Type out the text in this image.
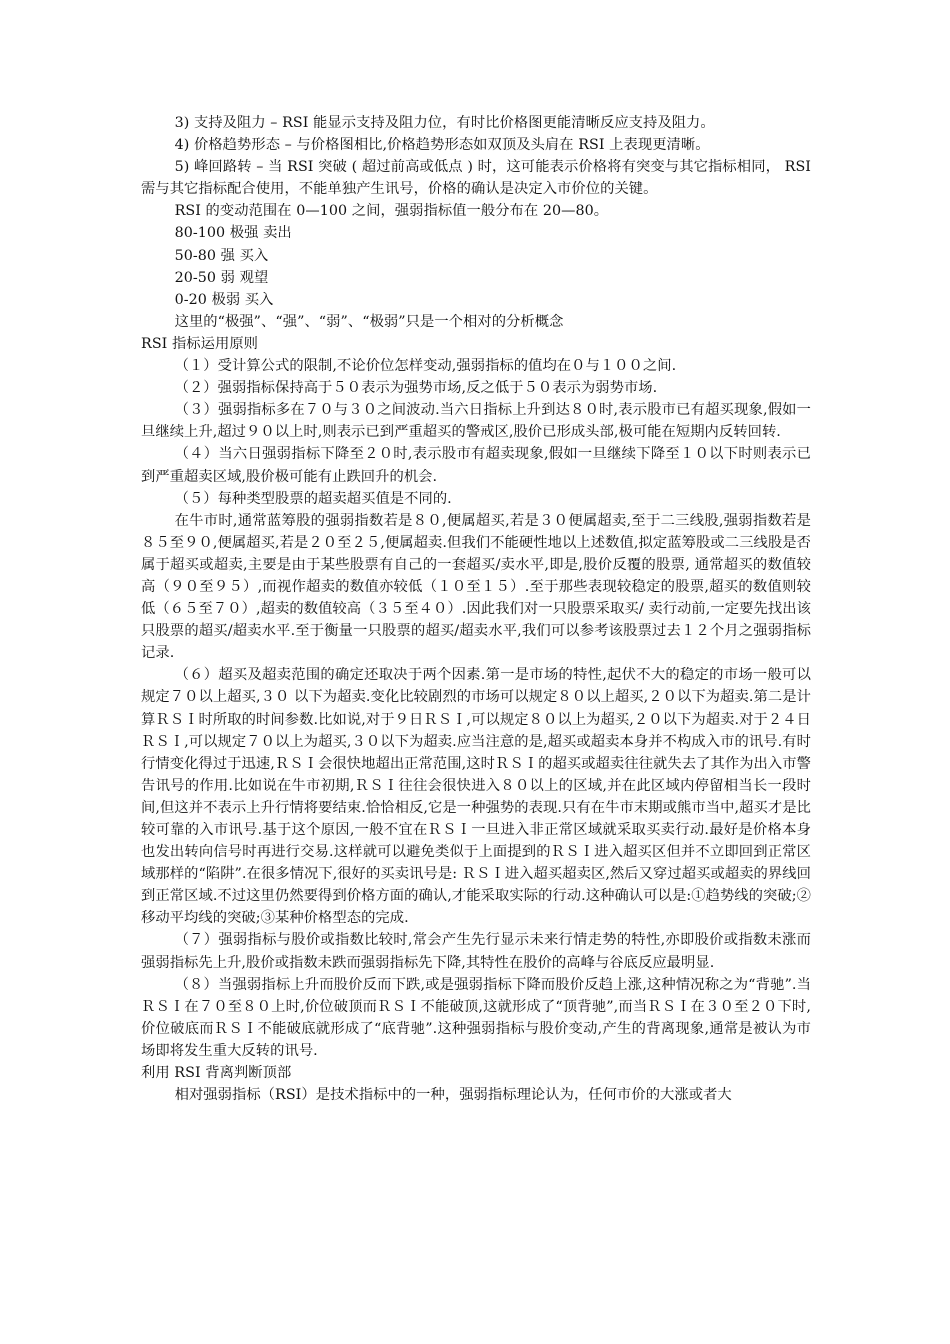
3) 支持及阻力 – RSI 能显示支持及阻力位，有时比价格图更能清晰反应支持及阻力。

4) 价格趋势形态 – 与价格图相比,价格趋势形态如双顶及头肩在 RSI 上表现更清晰。

5) 峰回路转 – 当 RSI 突破 ( 超过前高或低点 ) 时，这可能表示价格将有突变与其它指标相同， RSI 需与其它指标配合使用，不能单独产生讯号，价格的确认是决定入市价位的关键。

RSI 的变动范围在 0—100 之间，强弱指标值一般分布在 20—80。

80-100 极强 卖出

50-80 强 买入

20-50 弱 观望

0-20 极弱 买入

这里的“极强”、“强”、“弱”、“极弱”只是一个相对的分析概念

RSI 指标运用原则

（１）受计算公式的限制,不论价位怎样变动,强弱指标的值均在０与１００之间.

（２）强弱指标保持高于５０表示为强势市场,反之低于５０表示为弱势市场.

（３）强弱指标多在７０与３０之间波动.当六日指标上升到达８０时,表示股市已有超买现象,假如一旦继续上升,超过９０以上时,则表示已到严重超买的警戒区,股价已形成头部,极可能在短期内反转回转.

（４）当六日强弱指标下降至２０时,表示股市有超卖现象,假如一旦继续下降至１０以下时则表示已到严重超卖区域,股价极可能有止跌回升的机会.

（５）每种类型股票的超卖超买值是不同的.

在牛市时,通常蓝筹股的强弱指数若是８０,便属超买,若是３０便属超卖,至于二三线股,强弱指数若是８５至９０,便属超买,若是２０至２５,便属超卖.但我们不能硬性地以上述数值,拟定蓝筹股或二三线股是否属于超买或超卖,主要是由于某些股票有自己的一套超买/卖水平,即是,股价反覆的股票, 通常超买的数值较高（９０至９５）,而视作超卖的数值亦较低（１０至１５）.至于那些表现较稳定的股票,超买的数值则较低（６５至７０）,超卖的数值较高（３５至４０）.因此我们对一只股票采取买/ 卖行动前,一定要先找出该只股票的超买/超卖水平.至于衡量一只股票的超买/超卖水平,我们可以参考该股票过去１２个月之强弱指标记录.

（６）超买及超卖范围的确定还取决于两个因素.第一是市场的特性,起伏不大的稳定的市场一般可以规定７０以上超买,３０ 以下为超卖.变化比较剧烈的市场可以规定８０以上超买,２０以下为超卖.第二是计算ＲＳＩ时所取的时间参数.比如说,对于９日ＲＳＩ,可以规定８０以上为超买,２０以下为超卖.对于２４日ＲＳＩ,可以规定７０以上为超买,３０以下为超卖.应当注意的是,超买或超卖本身并不构成入市的讯号.有时行情变化得过于迅速,ＲＳＩ会很快地超出正常范围,这时ＲＳＩ的超买或超卖往往就失去了其作为出入市警告讯号的作用.比如说在牛市初期,ＲＳＩ往往会很快进入８０以上的区域,并在此区域内停留相当长一段时间,但这并不表示上升行情将要结束.恰恰相反,它是一种强势的表现.只有在牛市末期或熊市当中,超买才是比较可靠的入市讯号.基于这个原因,一般不宜在ＲＳＩ一旦进入非正常区域就采取买卖行动.最好是价格本身也发出转向信号时再进行交易.这样就可以避免类似于上面提到的ＲＳＩ进入超买区但并不立即回到正常区域那样的“陷阱”.在很多情况下,很好的买卖讯号是: ＲＳＩ进入超买超卖区,然后又穿过超买或超卖的界线回到正常区域.不过这里仍然要得到价格方面的确认,才能采取实际的行动.这种确认可以是:①趋势线的突破;②移动平均线的突破;③某种价格型态的完成.

（７）强弱指标与股价或指数比较时,常会产生先行显示未来行情走势的特性,亦即股价或指数未涨而强弱指标先上升,股价或指数未跌而强弱指标先下降,其特性在股价的高峰与谷底反应最明显.

（８）当强弱指标上升而股价反而下跌,或是强弱指标下降而股价反趋上涨,这种情况称之为“背驰”.当ＲＳＩ在７０至８０上时,价位破顶而ＲＳＩ不能破顶,这就形成了“顶背驰”,而当ＲＳＩ在３０至２０下时,价位破底而ＲＳＩ不能破底就形成了“底背驰”.这种强弱指标与股价变动,产生的背离现象,通常是被认为市场即将发生重大反转的讯号.

利用 RSI 背离判断顶部

相对强弱指标（RSI）是技术指标中的一种，强弱指标理论认为，任何市价的大涨或者大
